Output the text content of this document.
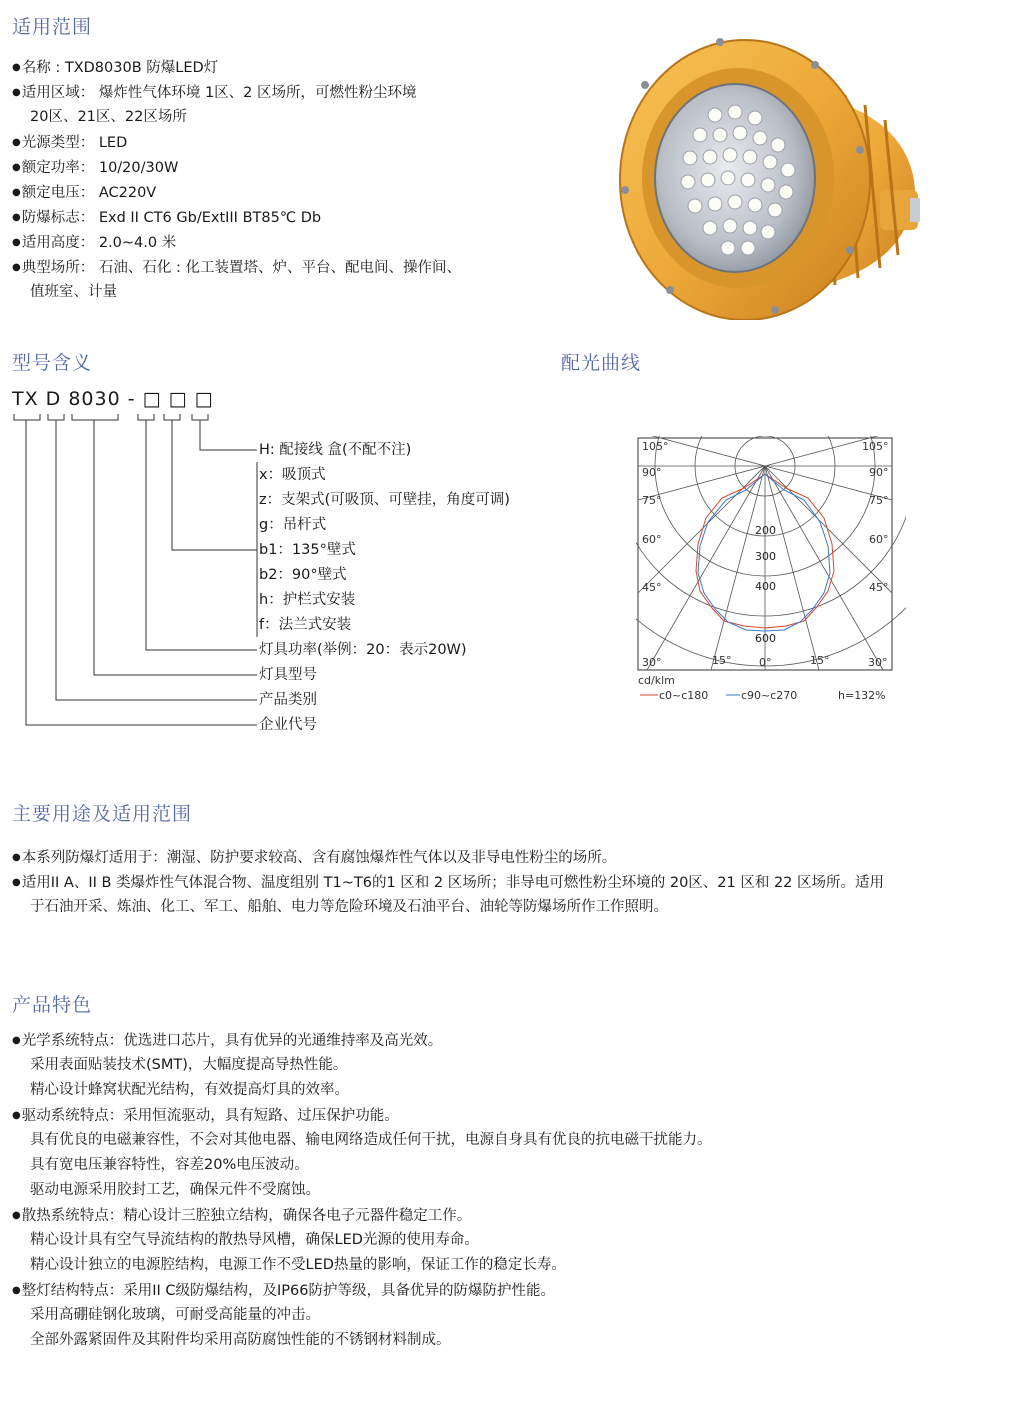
适用范围
型号含义	配光曲线
主要用途及适用范围
产品特色
●名称 : TXD8030B 防爆LED灯
●适用区域： 爆炸性气体环境 1区、2 区场所，可燃性粉尘环境
20区、21区、22区场所
●光源类型： LED
●额定功率： 10/20/30W
●额定电压： AC220V
●防爆标志： Exd II CT6 Gb/ExtIII BT85℃ Db
●适用高度： 2.0~4.0 米
●典型场所： 石油、石化 : 化工装置塔、炉、平台、配电间、操作间、
值班室、计量
TX D 8030 - □ □ □
H: 配接线 盒(不配不注)
x：吸顶式
z：支架式(可吸顶、可壁挂，角度可调)
g：吊杆式
b1：135°壁式
b2：90°壁式
h：护栏式安装
f：法兰式安装
灯具功率(举例：20：表示20W)
灯具型号
产品类别
企业代号
105°	105°
90°
75°
60°
45°
30°
90°
75°
60°
45°
30°
15°	0°	15°
200
300
400
600
cd/klm
c0~c180	c90~c270	h=132%
●本系列防爆灯适用于：潮湿、防护要求较高、含有腐蚀爆炸性气体以及非导电性粉尘的场所。
●适用II A、II B 类爆炸性气体混合物、温度组别 T1~T6的1 区和 2 区场所；非导电可燃性粉尘环境的 20区、21 区和 22 区场所。适用
于石油开采、炼油、化工、军工、船舶、电力等危险环境及石油平台、油轮等防爆场所作工作照明。
●光学系统特点：优选进口芯片，具有优异的光通维持率及高光效。
采用表面贴装技术(SMT)，大幅度提高导热性能。
精心设计蜂窝状配光结构，有效提高灯具的效率。
●驱动系统特点：采用恒流驱动，具有短路、过压保护功能。
具有优良的电磁兼容性，不会对其他电器、输电网络造成任何干扰，电源自身具有优良的抗电磁干扰能力。
具有宽电压兼容特性，容差20%电压波动。
驱动电源采用胶封工艺，确保元件不受腐蚀。
●散热系统特点：精心设计三腔独立结构，确保各电子元器件稳定工作。
精心设计具有空气导流结构的散热导风槽，确保LED光源的使用寿命。
精心设计独立的电源腔结构，电源工作不受LED热量的影响，保证工作的稳定长寿。
●整灯结构特点：采用II C级防爆结构，及IP66防护等级，具备优异的防爆防护性能。
采用高硼硅钢化玻璃，可耐受高能量的冲击。
全部外露紧固件及其附件均采用高防腐蚀性能的不锈钢材料制成。
